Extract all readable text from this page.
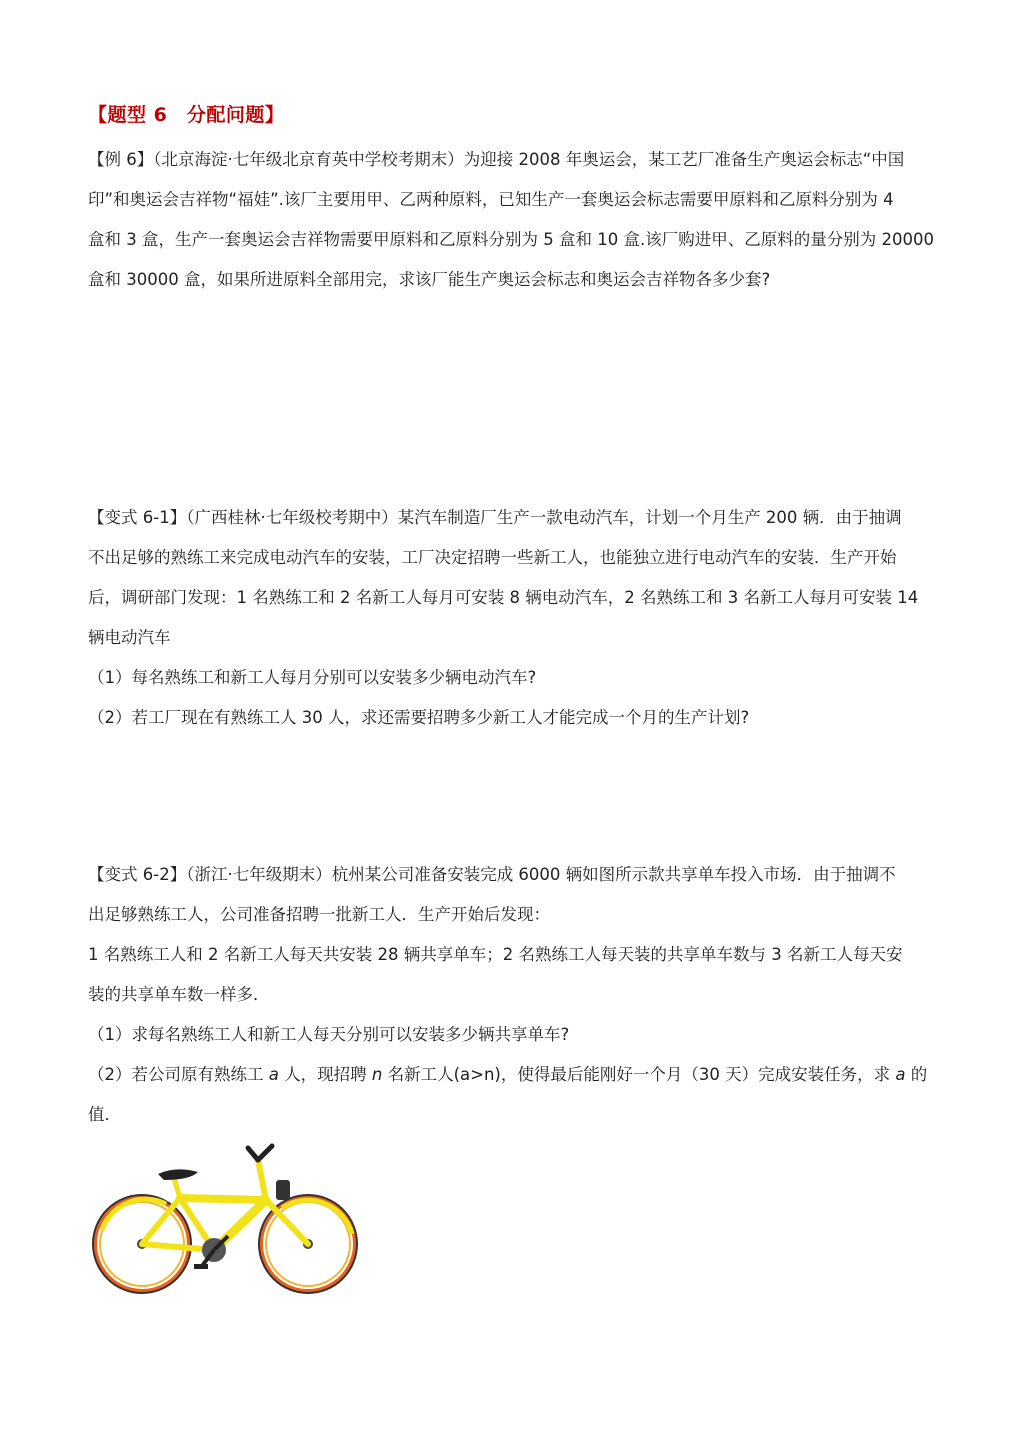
【题型 6　分配问题】
【例 6】（北京海淀·七年级北京育英中学校考期末）为迎接 2008 年奥运会，某工艺厂准备生产奥运会标志“中国
印”和奥运会吉祥物“福娃”.该厂主要用甲、乙两种原料，已知生产一套奥运会标志需要甲原料和乙原料分别为 4
盒和 3 盒，生产一套奥运会吉祥物需要甲原料和乙原料分别为 5 盒和 10 盒.该厂购进甲、乙原料的量分别为 20000
盒和 30000 盒，如果所进原料全部用完，求该厂能生产奥运会标志和奥运会吉祥物各多少套?
【变式 6-1】（广西桂林·七年级校考期中）某汽车制造厂生产一款电动汽车，计划一个月生产 200 辆．由于抽调
不出足够的熟练工来完成电动汽车的安装，工厂决定招聘一些新工人，也能独立进行电动汽车的安装．生产开始
后，调研部门发现：1 名熟练工和 2 名新工人每月可安装 8 辆电动汽车，2 名熟练工和 3 名新工人每月可安装 14
辆电动汽车
（1）每名熟练工和新工人每月分别可以安装多少辆电动汽车?
（2）若工厂现在有熟练工人 30 人，求还需要招聘多少新工人才能完成一个月的生产计划?
【变式 6-2】（浙江·七年级期末）杭州某公司准备安装完成 6000 辆如图所示款共享单车投入市场．由于抽调不
出足够熟练工人，公司准备招聘一批新工人．生产开始后发现：
1 名熟练工人和 2 名新工人每天共安装 28 辆共享单车；2 名熟练工人每天装的共享单车数与 3 名新工人每天安
装的共享单车数一样多．
（1）求每名熟练工人和新工人每天分别可以安装多少辆共享单车?
（2）若公司原有熟练工 a 人，现招聘 n 名新工人(a>n)，使得最后能刚好一个月（30 天）完成安装任务，求 a 的
值．
